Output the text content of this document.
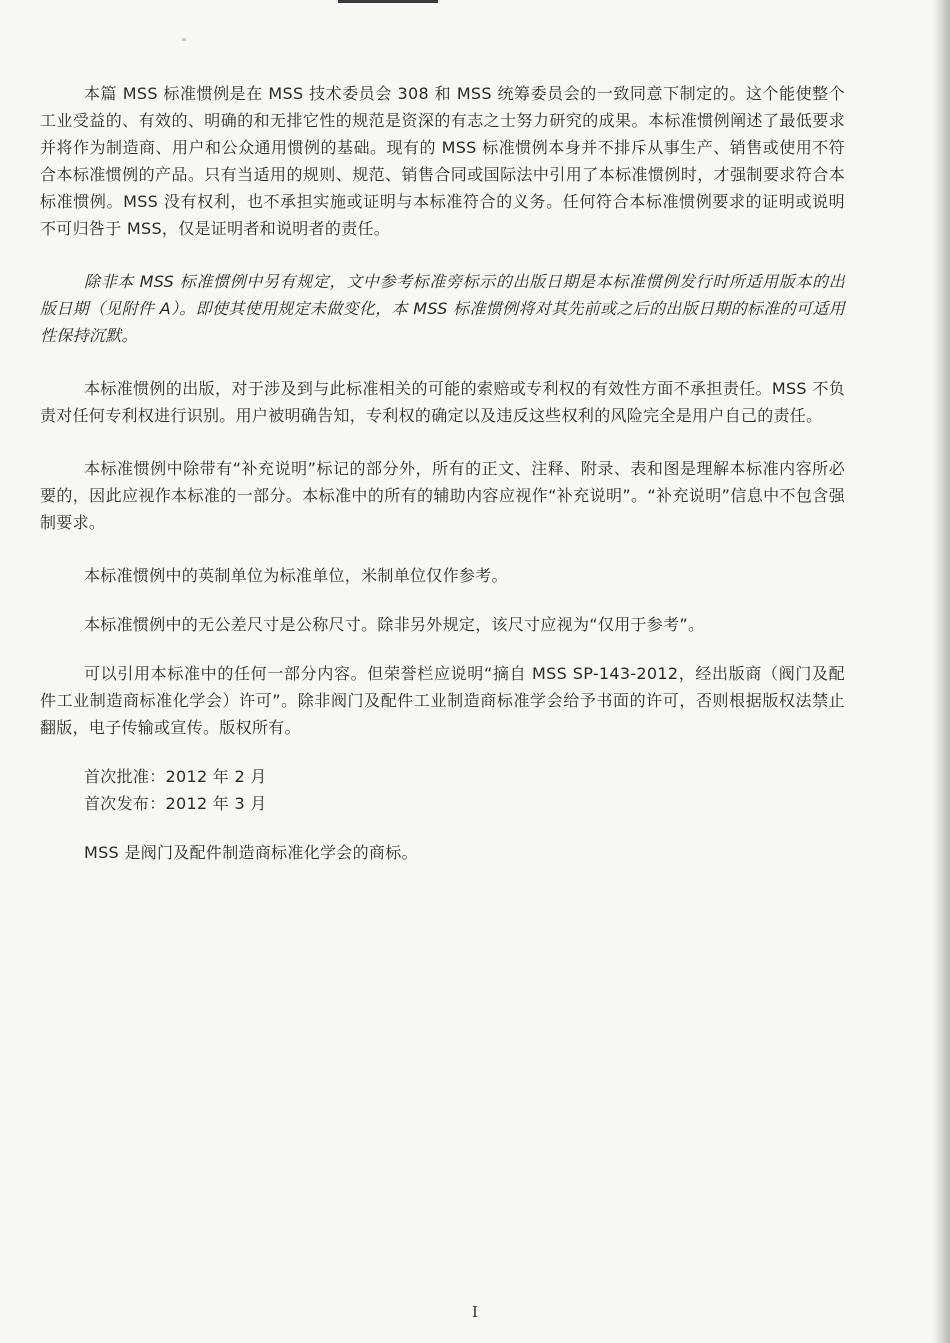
本篇 MSS 标准惯例是在 MSS 技术委员会 308 和 MSS 统筹委员会的一致同意下制定的。这个能使整个工业受益的、有效的、明确的和无排它性的规范是资深的有志之士努力研究的成果。本标准惯例阐述了最低要求并将作为制造商、用户和公众通用惯例的基础。现有的 MSS 标准惯例本身并不排斥从事生产、销售或使用不符合本标准惯例的产品。只有当适用的规则、规范、销售合同或国际法中引用了本标准惯例时，才强制要求符合本标准惯例。MSS 没有权利，也不承担实施或证明与本标准符合的义务。任何符合本标准惯例要求的证明或说明不可归咎于 MSS，仅是证明者和说明者的责任。

除非本 MSS 标准惯例中另有规定，文中参考标准旁标示的出版日期是本标准惯例发行时所适用版本的出版日期（见附件 A）。即使其使用规定未做变化，本 MSS 标准惯例将对其先前或之后的出版日期的标准的可适用性保持沉默。

本标准惯例的出版，对于涉及到与此标准相关的可能的索赔或专利权的有效性方面不承担责任。MSS 不负责对任何专利权进行识别。用户被明确告知，专利权的确定以及违反这些权利的风险完全是用户自己的责任。

本标准惯例中除带有“补充说明”标记的部分外，所有的正文、注释、附录、表和图是理解本标准内容所必要的，因此应视作本标准的一部分。本标准中的所有的辅助内容应视作“补充说明”。“补充说明”信息中不包含强制要求。

本标准惯例中的英制单位为标准单位，米制单位仅作参考。

本标准惯例中的无公差尺寸是公称尺寸。除非另外规定，该尺寸应视为“仅用于参考”。

可以引用本标准中的任何一部分内容。但荣誉栏应说明“摘自 MSS SP-143-2012，经出版商（阀门及配件工业制造商标准化学会）许可”。除非阀门及配件工业制造商标准学会给予书面的许可，否则根据版权法禁止翻版，电子传输或宣传。版权所有。

首次批准：2012 年 2 月

首次发布：2012 年 3 月

MSS 是阀门及配件制造商标准化学会的商标。

I
